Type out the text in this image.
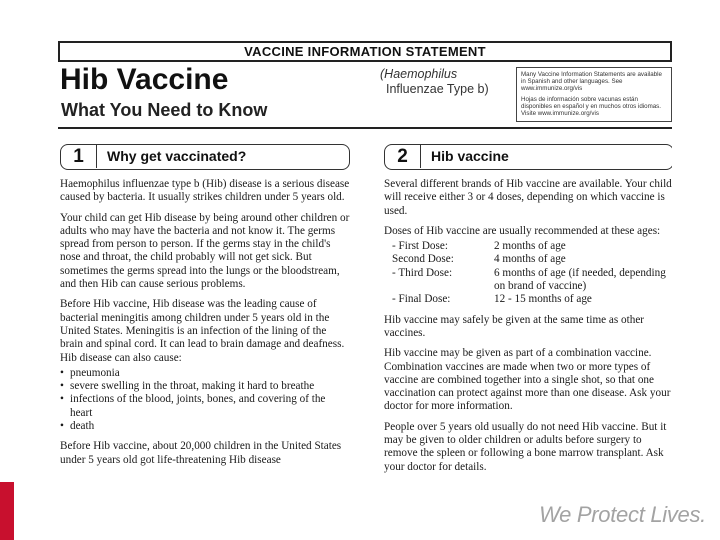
VACCINE INFORMATION STATEMENT
Hib Vaccine
What You Need to Know
(Haemophilus
Influenzae Type b)

Many Vaccine Information Statements are available in Spanish and other languages. See www.immunize.org/vis

Hojas de información sobre vacunas están disponibles en español y en muchos otros idiomas. Visite www.immunize.org/vis

1	Why get vaccinated?

Haemophilus influenzae type b (Hib) disease is a serious disease caused by bacteria. It usually strikes children under 5 years old.

Your child can get Hib disease by being around other children or adults who may have the bacteria and not know it. The germs spread from person to person. If the germs stay in the child's nose and throat, the child probably will not get sick. But sometimes the germs spread into the lungs or the bloodstream, and then Hib can cause serious problems.

Before Hib vaccine, Hib disease was the leading cause of bacterial meningitis among children under 5 years old in the United States. Meningitis is an infection of the lining of the brain and spinal cord. It can lead to brain damage and deafness. Hib disease can also cause:

• pneumonia
• severe swelling in the throat, making it hard to breathe
• infections of the blood, joints, bones, and covering of the heart
• death

Before Hib vaccine, about 20,000 children in the United States under 5 years old got life-threatening Hib disease

2	Hib vaccine

Several different brands of Hib vaccine are available. Your child will receive either 3 or 4 doses, depending on which vaccine is used.

Doses of Hib vaccine are usually recommended at these ages:

- First Dose:	2 months of age
Second Dose:	4 months of age
- Third Dose:	6 months of age (if needed, depending on brand of vaccine)
- Final Dose:	12 - 15 months of age

Hib vaccine may safely be given at the same time as other vaccines.

Hib vaccine may be given as part of a combination vaccine. Combination vaccines are made when two or more types of vaccine are combined together into a single shot, so that one vaccination can protect against more than one disease. Ask your doctor for more information.

People over 5 years old usually do not need Hib vaccine. But it may be given to older children or adults before surgery to remove the spleen or following a bone marrow transplant. Ask your doctor for details.

We Protect Lives.
